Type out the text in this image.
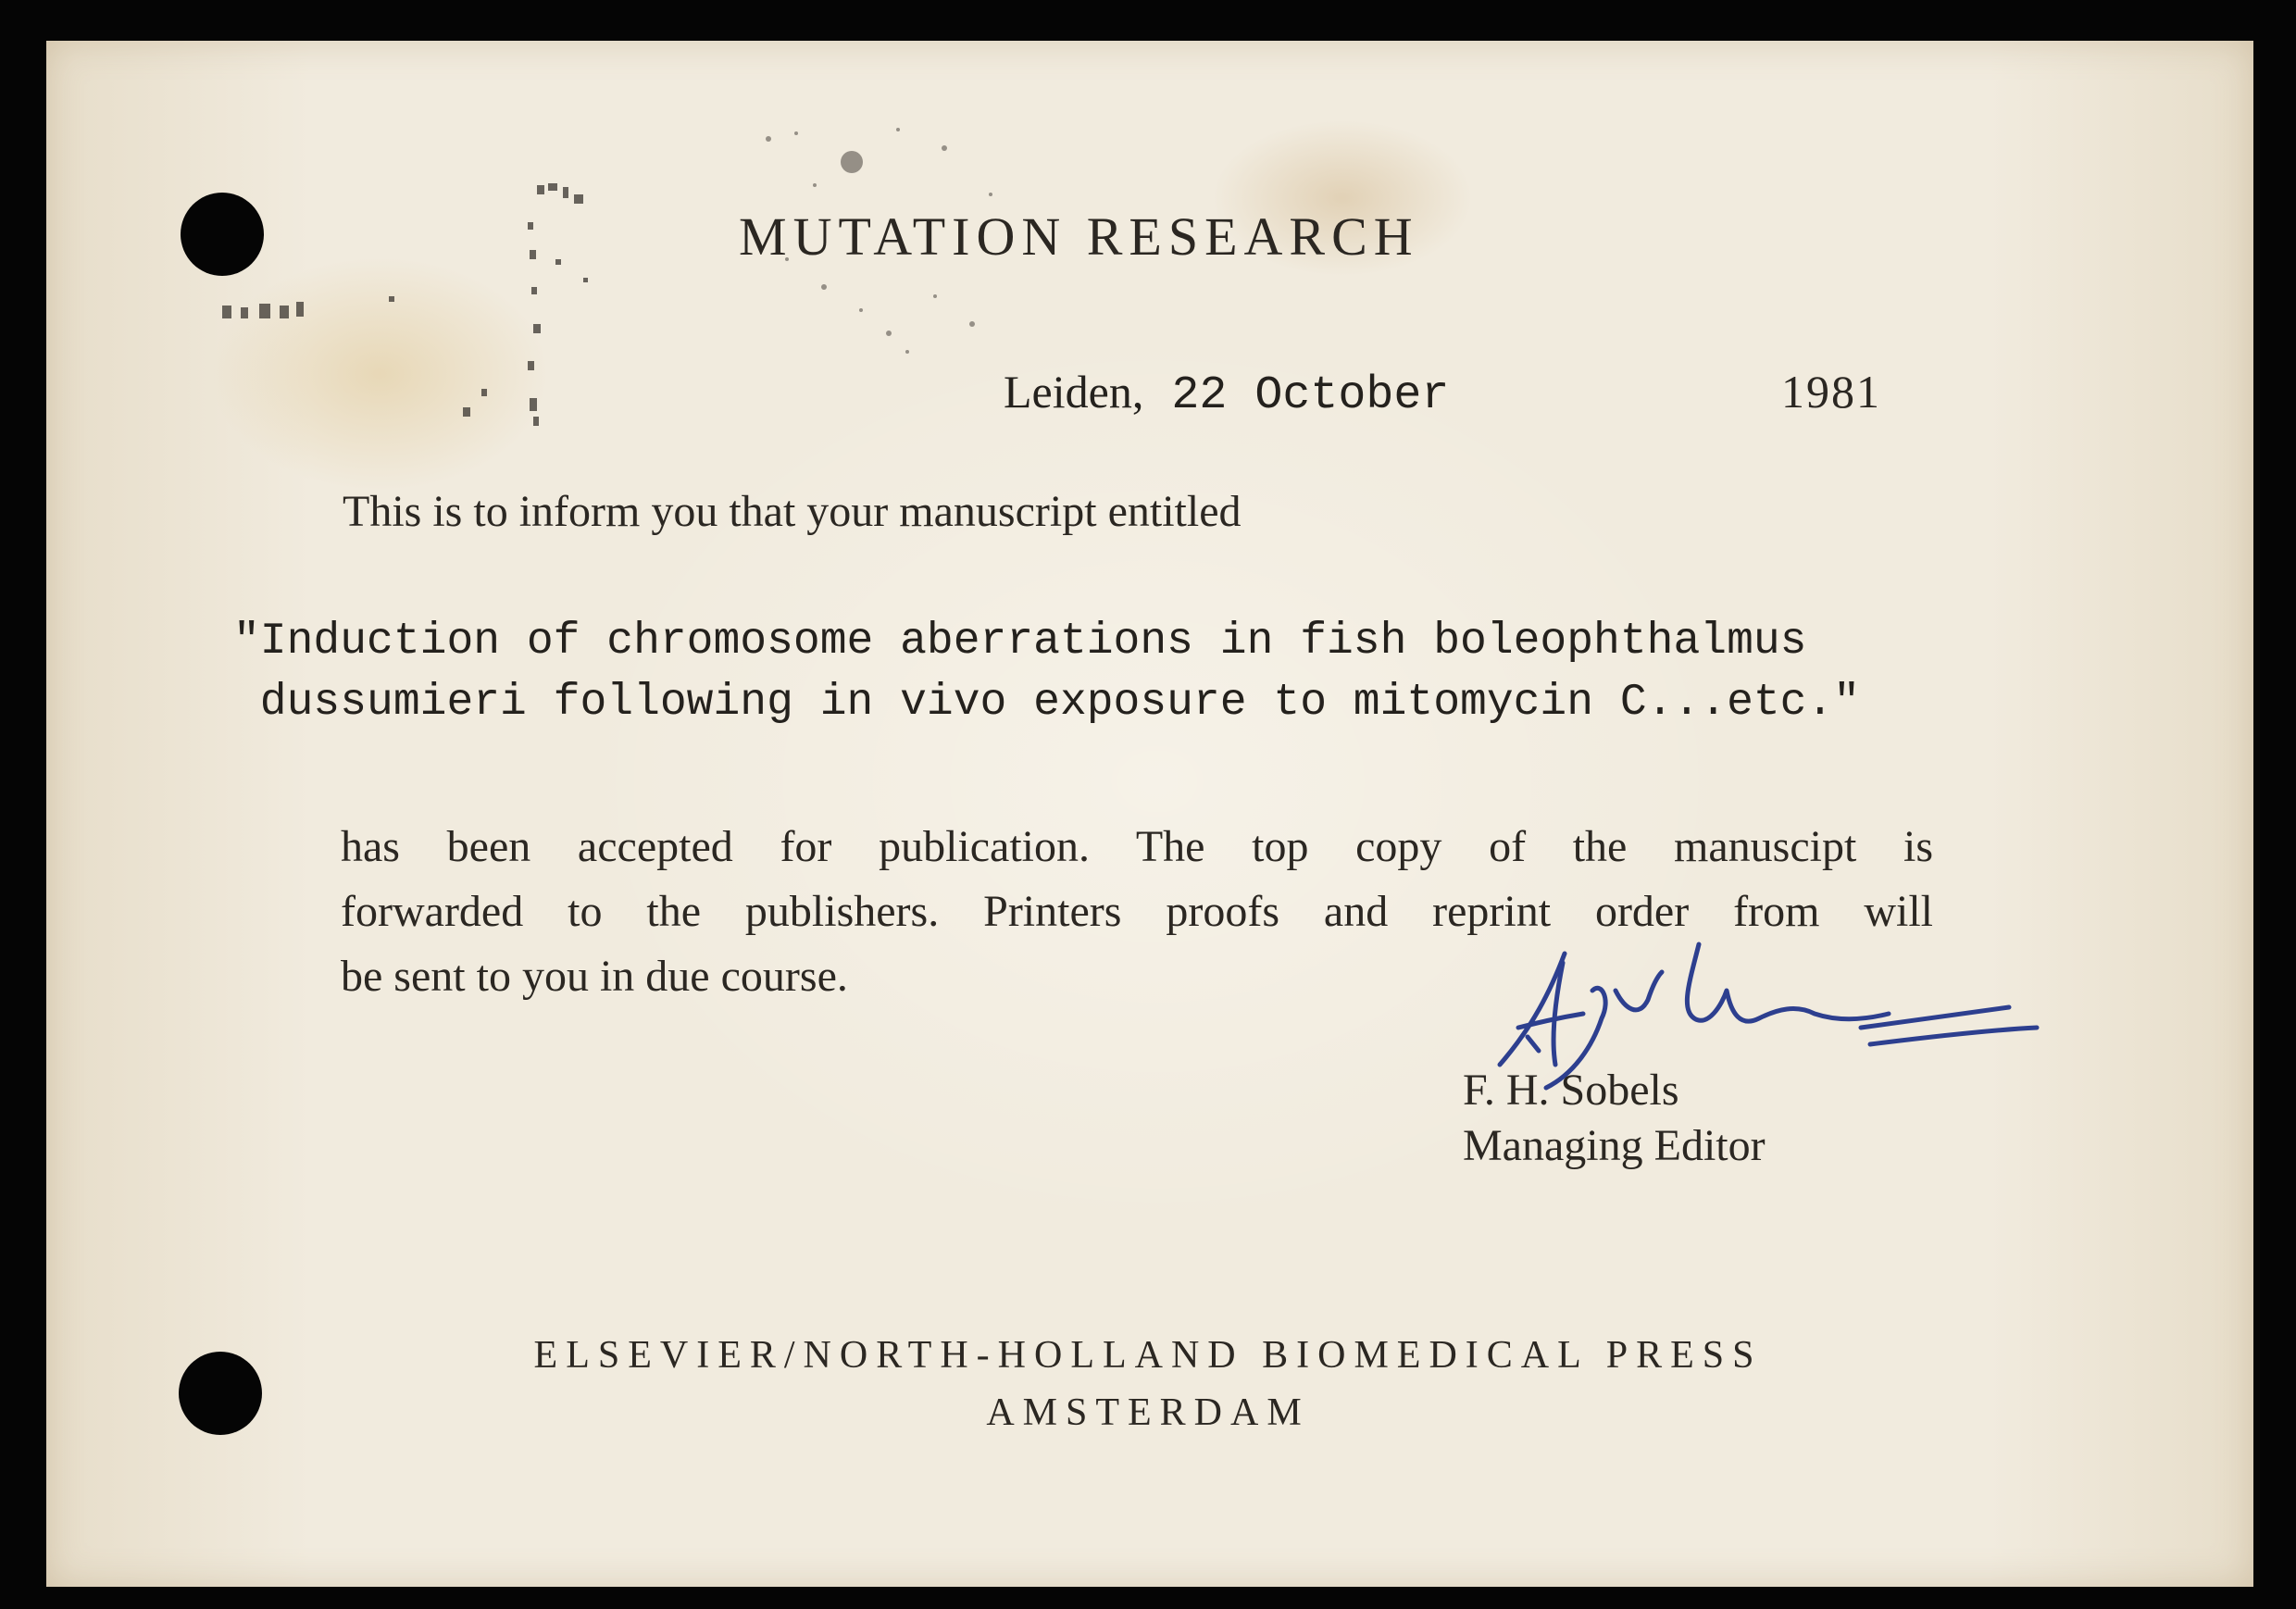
MUTATION RESEARCH
Leiden, 22 October	1981
This is to inform you that your manuscript entitled
"Induction of chromosome aberrations in fish boleophthalmus
dussumieri following in vivo exposure to mitomycin C...etc."
has been accepted for publication. The top copy of the manuscipt is
forwarded to the publishers. Printers proofs and reprint order from will
be sent to you in due course.
F. H. Sobels
Managing Editor
ELSEVIER/NORTH-HOLLAND BIOMEDICAL PRESS
AMSTERDAM
